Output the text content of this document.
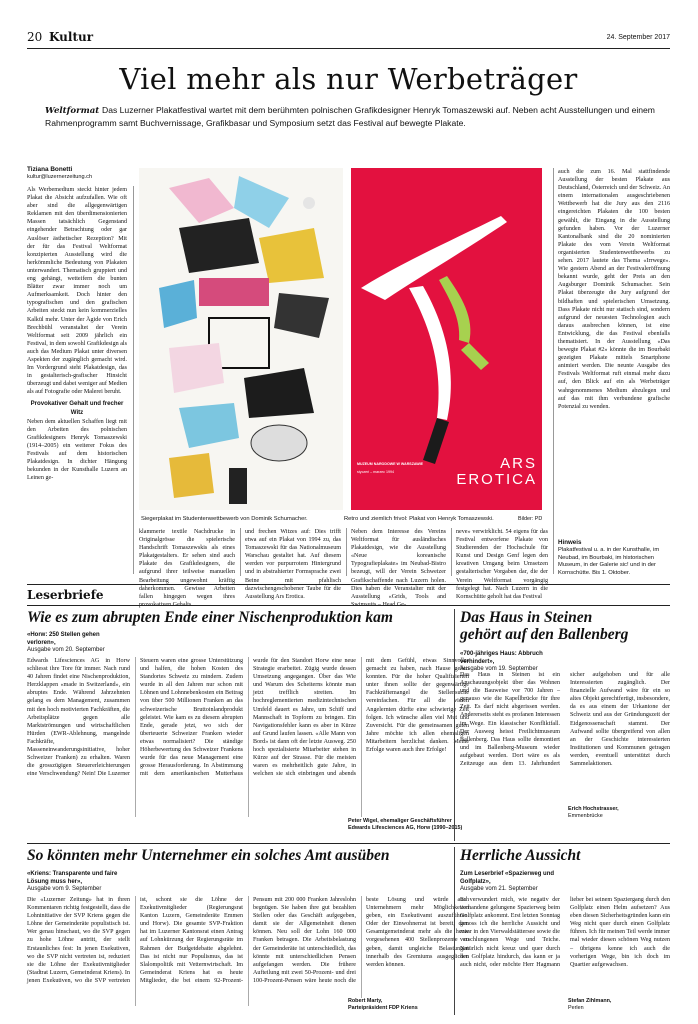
20 Kultur	24. September 2017
Viel mehr als nur Werbeträger
Weltformat Das Luzerner Plakatfestival wartet mit dem berühmten polnischen Grafikdesigner Henryk Tomaszewski auf. Neben acht Ausstellungen und einem Rahmenprogramm samt Buchvernissage, Grafikbasar und Symposium setzt das Festival auf bewegte Plakate.
Tiziana Bonetti
kultur@luzernerzeitung.ch

Als Werbemedium steckt hinter jedem Plakat die Absicht aufzufallen. Wie oft aber sind die allgegenwärtigen Reklamen mit den überdimensionierten Massen tatsächlich Gegenstand eingehender Betrachtung oder gar Auslöser ästhetischer Rezeption? Mit der für das Festival Weltformat konzipierten Ausstellung wird die herkömmliche Bedeutung von Plakaten unterwandert. Thematisch gruppiert und eng gehängt, wetteifern die bunten Blätter zwar immer noch um Aufmerksamkeit. Doch hinter den typografischen und den grafischen Arbeiten steckt nun kein kommerzielles Kalkül mehr. Unter der Ägide von Erich Brechbühl veranstaltet der Verein Weltformat seit 2009 jährlich ein Festival, in dem sowohl Grafikdesign als auch das Medium Plakat unter diversen Aspekten der zugänglich gemacht wird. Im Vordergrund steht Plakatdesign, das in gestalterisch-grafischer Hinsicht überzeugt und dabei weniger auf Medien als auf Fotografie oder Malerei beruht.

Provokativer Gehalt und frecher Witz

Neben dem aktuellen Schaffen liegt mit den Arbeiten des polnischen Grafikdesigners Henryk Tomaszewski (1914–2005) ein weiterer Fokus des Festivals auf dem historischen Plakatdesign. In dichter Hängung bekunden in der Kunsthalle Luzern an Leinen ge-

ARS
EROTICA
MUZEUM NARODOWE W WARSZAWIE
styczeń – marzec 1994
Siegerplakat im Studentenwettbewerb von Dominik Schumacher.	Retro und ziemlich frivol: Plakat von Henryk Tomaszewski.	Bilder: PD
klammerte textile Nachdrucke in Originalgrösse die spielerische Handschrift Tomaszewskis als eines Plakatgestalters. Er sehen sind auch Plakate des Grafikdesigners, die aufgrund ihrer teilweise manuellen Bearbeitung ungewohnt kräftig daherkommen. Gewisse Arbeiten fallen hingegen wegen ihres provokativen Gehalts
und frechen Witzes auf: Dies trifft etwa auf ein Plakat von 1994 zu, das Tomaszewski für das Nationalmuseum Warschau gestaltet hat. Auf diesem werden vor purpurrotem Hintergrund und in abstrahierter Formsprache zwei Beine mit pfahlisch dazwischengeschobener Taube für die Ausstellung Ars Erotica.
Neben dem Interesse des Vereins Weltformat für ausländisches Plakatdesign, wie die Ausstellung «Neue koreanische Typografieplakate» im Neubad-Bistro bezeugt, will der Verein Schweizer Grafikschaffende nach Luzern holen. Dies haben die Veranstalter mit der Ausstellung «Grids, Tools and Swimsuits – Head Ge-
neve» verwirklicht. 54 eigens für das Festival entworfene Plakate von Studierenden der Hochschule für Kunst und Design Genf legen den kreativen Umgang beim Umsetzen gestalterischer Vorgaben dar, die der Verein Weltformat vorgängig festgelegt hat. Nach Luzern in die Kornschütte geholt hat das Festival
auch die zum 16. Mal stattfindende Ausstellung der besten Plakate aus Deutschland, Österreich und der Schweiz. An einem internationalen ausgeschriebenen Wettbewerb hat die Jury aus den 2116 eingereichten Plakaten die 100 besten gewählt, die Eingang in die Ausstellung gefunden haben. Vor der Luzerner Kantonalbank sind die 20 nominierten Plakate des vom Verein Weltformat organisierten Studentenwettbewerbs zu sehen. 2017 lautete das Thema «Irrwege». Wie gestern Abend an der Festivaleröffnung bekannt wurde, geht der Preis an den Augsburger Dominik Schumacher. Sein Plakat überzeugte die Jury aufgrund der bildhaften und spielerischen Umsetzung. Dass Plakate nicht nur statisch sind, sondern aufgrund der neuesten Technologien auch daraus ausbrechen können, ist eine Entwicklung, die das Festival ebenfalls thematisiert. In der Ausstellung «Das bewegte Plakat #2» könnte die im Bourbaki gezeigten Plakate mittels Smartphone animiert werden. Die neunte Ausgabe des Festivals Weltformat ruft einmal mehr dazu auf, den Blick auf ein als Werbeträger wahrgenommenes Medium abzulegen und auf das mit ihm verbundene grafische Potenzial zu wenden.
Hinweis
Plakatfestival u. a. in der Kunsthalle, im Neubad, im Bourbaki, im historischen Museum, in der Galerie sic! und in der Kornschütte. Bis 1. Oktober.
Leserbriefe
Wie es zum abrupten Ende einer Nischenproduktion kam
«Horw: 250 Stellen gehen verloren»,
Ausgabe vom 20. September
Edwards Lifesciences AG in Horw schliesst ihre Tore für immer. Nach rund 40 Jahren findet eine Nischenproduktion, Herzklappen «made in Switzerland», ein abruptes Ende. Während Jahrzehnten gelang es dem Management, zusammen mit den hoch motivierten Fachkräften, die Arbeitsplätze gegen alle Marktströmungen und wirtschaftlichen Hürden (EWR-Ablehnung, mangelnde Fachkräfte, Masseneinwanderungsinitiative, hoher Schweizer Franken) zu erhalten. Waren die grosszügigen Steuererleichterungen eine Verschwendung? Nein! Die Luzerner Steuern waren eine grosse Unterstützung und halfen, die hohen Kosten des Standortes Schweiz zu mindern. Zudem wurde in all den Jahren nur schon mit Löhnen und Lohnnebenkosten ein Beitrag von über 500 Millionen Franken an das schweizerische Bruttoinlandprodukt geleistet. Wie kam es zu diesem abrupten Ende, gerade jetzt, wo sich der überteuerte Schweizer Franken wieder etwas normalisiert? Die ständige Höherbewertung des Schweizer Frankens wurde für das neue Management eine grosse Herausforderung. In Abstimmung mit dem amerikanischen Mutterhaus wurde für den Standort Horw eine neue Strategie erarbeitet. Zügig wurde dessen Umsetzung angegangen. Über das Wie und Warum des Scheiterns könnte man jetzt trefflich streiten. Im hochreglementierten medizintechnischen Umfeld dauert es Jahre, um Schiff und Mannschaft in Topform zu bringen. Ein Navigationsfehler kann es aber in Kürze auf Grund laufen lassen. «Alle Mann von Bord» ist dann oft der letzte Ausweg. 250 hoch spezialisierte Mitarbeiter stehen in Kürze auf der Strasse. Für die meisten waren es mehrheitlich gute Jahre, in welchen sie sich einbringen und abends mit dem Gefühl, etwas Sinnvolles gemacht zu haben, nach Hause gehen konnten. Für die hoher Qualifizierten unter ihnen sollte der gegenwärtige Fachkräftemangel die Stellensuche vereinfachen. Für all die vielen Angelernten dürfte eine schwierige Zeit folgen. Ich wünsche allen viel Mut und Zuversicht. Für die gemeinsamen guten Jahre möchte ich allen ehemaligen Mitarbeitern herzlichst danken. Meine Erfolge waren auch ihre Erfolge!
Peter Wigel, ehemaliger Geschäftsführer Edwards Lifesciences AG, Horw (1990–2015)
Das Haus in Steinen
gehört auf den Ballenberg
«700-jähriges Haus: Abbruch verhindert»,
Ausgabe vom 19. September
Das Haus in Steinen ist ein Anschauungsobjekt über das Wohnen und die Bauweise vor 700 Jahren – genauso wie die Kapellbrücke für ihre Zeit. Es darf nicht abgerissen werden. Andererseits steht es profanen Interessen im Wege. Ein klassischer Konfliktfall. Der Ausweg heisst Freilichtmuseum Ballenberg. Das Haus sollte demontiert und im Ballenberg-Museum wieder aufgebaut werden. Dort wäre es als Zeitzeuge aus dem 13. Jahrhundert sicher aufgehoben und für alle Interessierten zugänglich. Der finanzielle Aufwand wäre für ein so altes Objekt gerechtfertigt, insbesondere, da es aus einem der Urkantone der Schweiz und aus der Gründungszeit der Eidgenossenschaft stammt. Der Aufwand sollte übergreifend von allen an der Geschichte interessierten Institutionen und Kommunen getragen werden, eventuell unterstützt durch Sammelaktionen.
Erich Hochstrasser,
Emmenbrücke
So könnten mehr Unternehmer ein solches Amt ausüben
«Kriens: Transparente und faire Lösung muss her»,
Ausgabe vom 9. September
Die «Luzerner Zeitung» hat in ihren Kommentaren richtig festgestellt, dass die Lohninitiative der SVP Kriens gegen die Löhne der Gemeinderäte populistisch ist. Wer genau hinschaut, wo die SVP gegen zu hohe Löhne antritt, der stellt Erstaunliches fest: In jenen Exekutiven, wo die SVP nicht vertreten ist, reduziert sie die Löhne der Exekutivmitglieder (Stadtrat Luzern, Gemeinderat Kriens). In jenen Exekutiven, wo die SVP vertreten ist, schont sie die Löhne der Exekutivmitglieder (Regierungsrat Kanton Luzern, Gemeinderäte Emmen und Horw). Die gesamte SVP-Fraktion hat im Luzerner Kantonsrat einen Antrag auf Lohnkürzung der Regierungsräte im Rahmen der Budgetdebatte abgelehnt. Das ist nicht nur Populismus, das ist Slalompolitik mit Vetternwirtschaft. Im Gemeinderat Kriens hat es heute Mitglieder, die bei einem 92-Prozent-Pensum mit 200 000 Franken Jahreslohn begnügen. Sie haben ihre gut bezahlten Stellen oder das Geschäft aufgegeben, damit sie der Allgemeinheit dienen können. Neu soll der Lohn 160 000 Franken betragen. Die Arbeitsbelastung der Gemeinderäte ist unterschiedlich, das könnte mit unterschiedlichen Pensen aufgefangen werden. Die frühere Aufteilung mit zwei 50-Prozent- und drei 100-Prozent-Pensen wäre heute noch die beste Lösung und würde auch Unternehmern mehr Möglichkeiten geben, ein Exekutivamt auszuführen. Oder der Einwohnerrat ist bereit, dem Gesamtgemeinderat mehr als die heute vorgesehenen 400 Stellenprozente zu geben, damit ungleiche Belastungen innerhalb des Gremiums ausgeglichen werden können.
Robert Marty,
Parteipräsident FDP Kriens
Herrliche Aussicht
Zum Leserbrief «Spazierweg und Golfplatz»,
Ausgabe vom 21. September
Es verwundert mich, wie negativ der vorhandene gelungene Spazierweg beim Golfplatz ankommt. Erst letzten Sonntag genoss ich die herrliche Aussicht und zwar in den Vierwaldstättersee sowie die verschlungenen Wege und Teiche. Natürlich nicht kreuz und quer durch den Golfplatz hindurch, das kann er ja auch nicht, oder möchte Herr Hagmann lieber bei seinem Spaziergang durch den Golfplatz einen Helm aufsetzen? Aus eben diesen Sicherheitsgründen kann ein Weg nicht quer durch einen Golfplatz führen. Ich für meinen Teil werde immer mal wieder diesen schönen Weg nutzen – übrigens kenne ich auch die vorherigen Wege, bin ich doch im Quartier aufgewachsen.
Stefan Zihlmann,
Perlen
